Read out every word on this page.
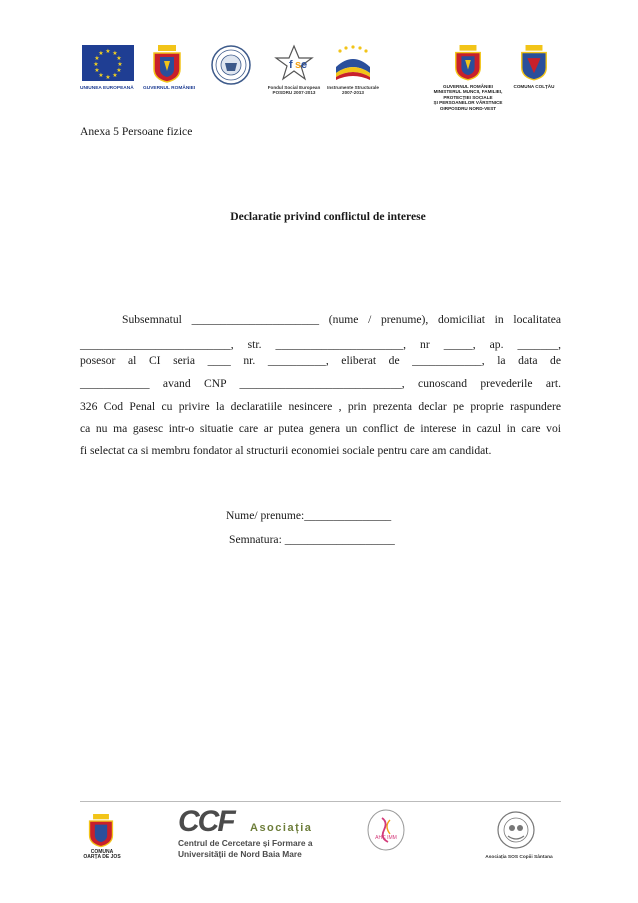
★ ★
★
★
★
★
★
★
★
★
★
★
UNIUNEA EUROPEANĂ GUVERNUL ROMÂNIEI
f s e
Fondul Social European
POSDRU 2007-2013
Instrumente Structurale
2007-2013
GUVERNUL ROMÂNIEI
MINISTERUL MUNCII, FAMILIEI,
PROTECȚIEI SOCIALE
ȘI PERSOANELOR VÂRSTNICE
OIRPOSDRU NORD-VEST
COMUNA COLȚĂU
Anexa 5 Persoane fizice
Declaratie privind conflictul de interese
Subsemnatul ______________________ (nume / prenume), domiciliat in localitatea
__________________________, str. ______________________, nr _____, ap. _______,
posesor al CI seria ____ nr. __________, eliberat de ____________, la data de
____________ avand CNP ____________________________, cunoscand prevederile art.
326 Cod Penal cu privire la declaratiile nesincere , prin prezenta declar pe proprie raspundere
ca nu ma gasesc intr-o situatie care ar putea genera un conflict de interese in cazul in care voi
fi selectat ca si membru fondator al structurii economiei sociale pentru care am candidat.
Nume/ prenume:_______________
Semnatura: ___________________
COMUNA
OARȚA DE JOS
CCF Asociația
Centrul de Cercetare și Formare a
Universității de Nord Baia Mare
AHC IMM
Asociația SOS Copiii Sântana
